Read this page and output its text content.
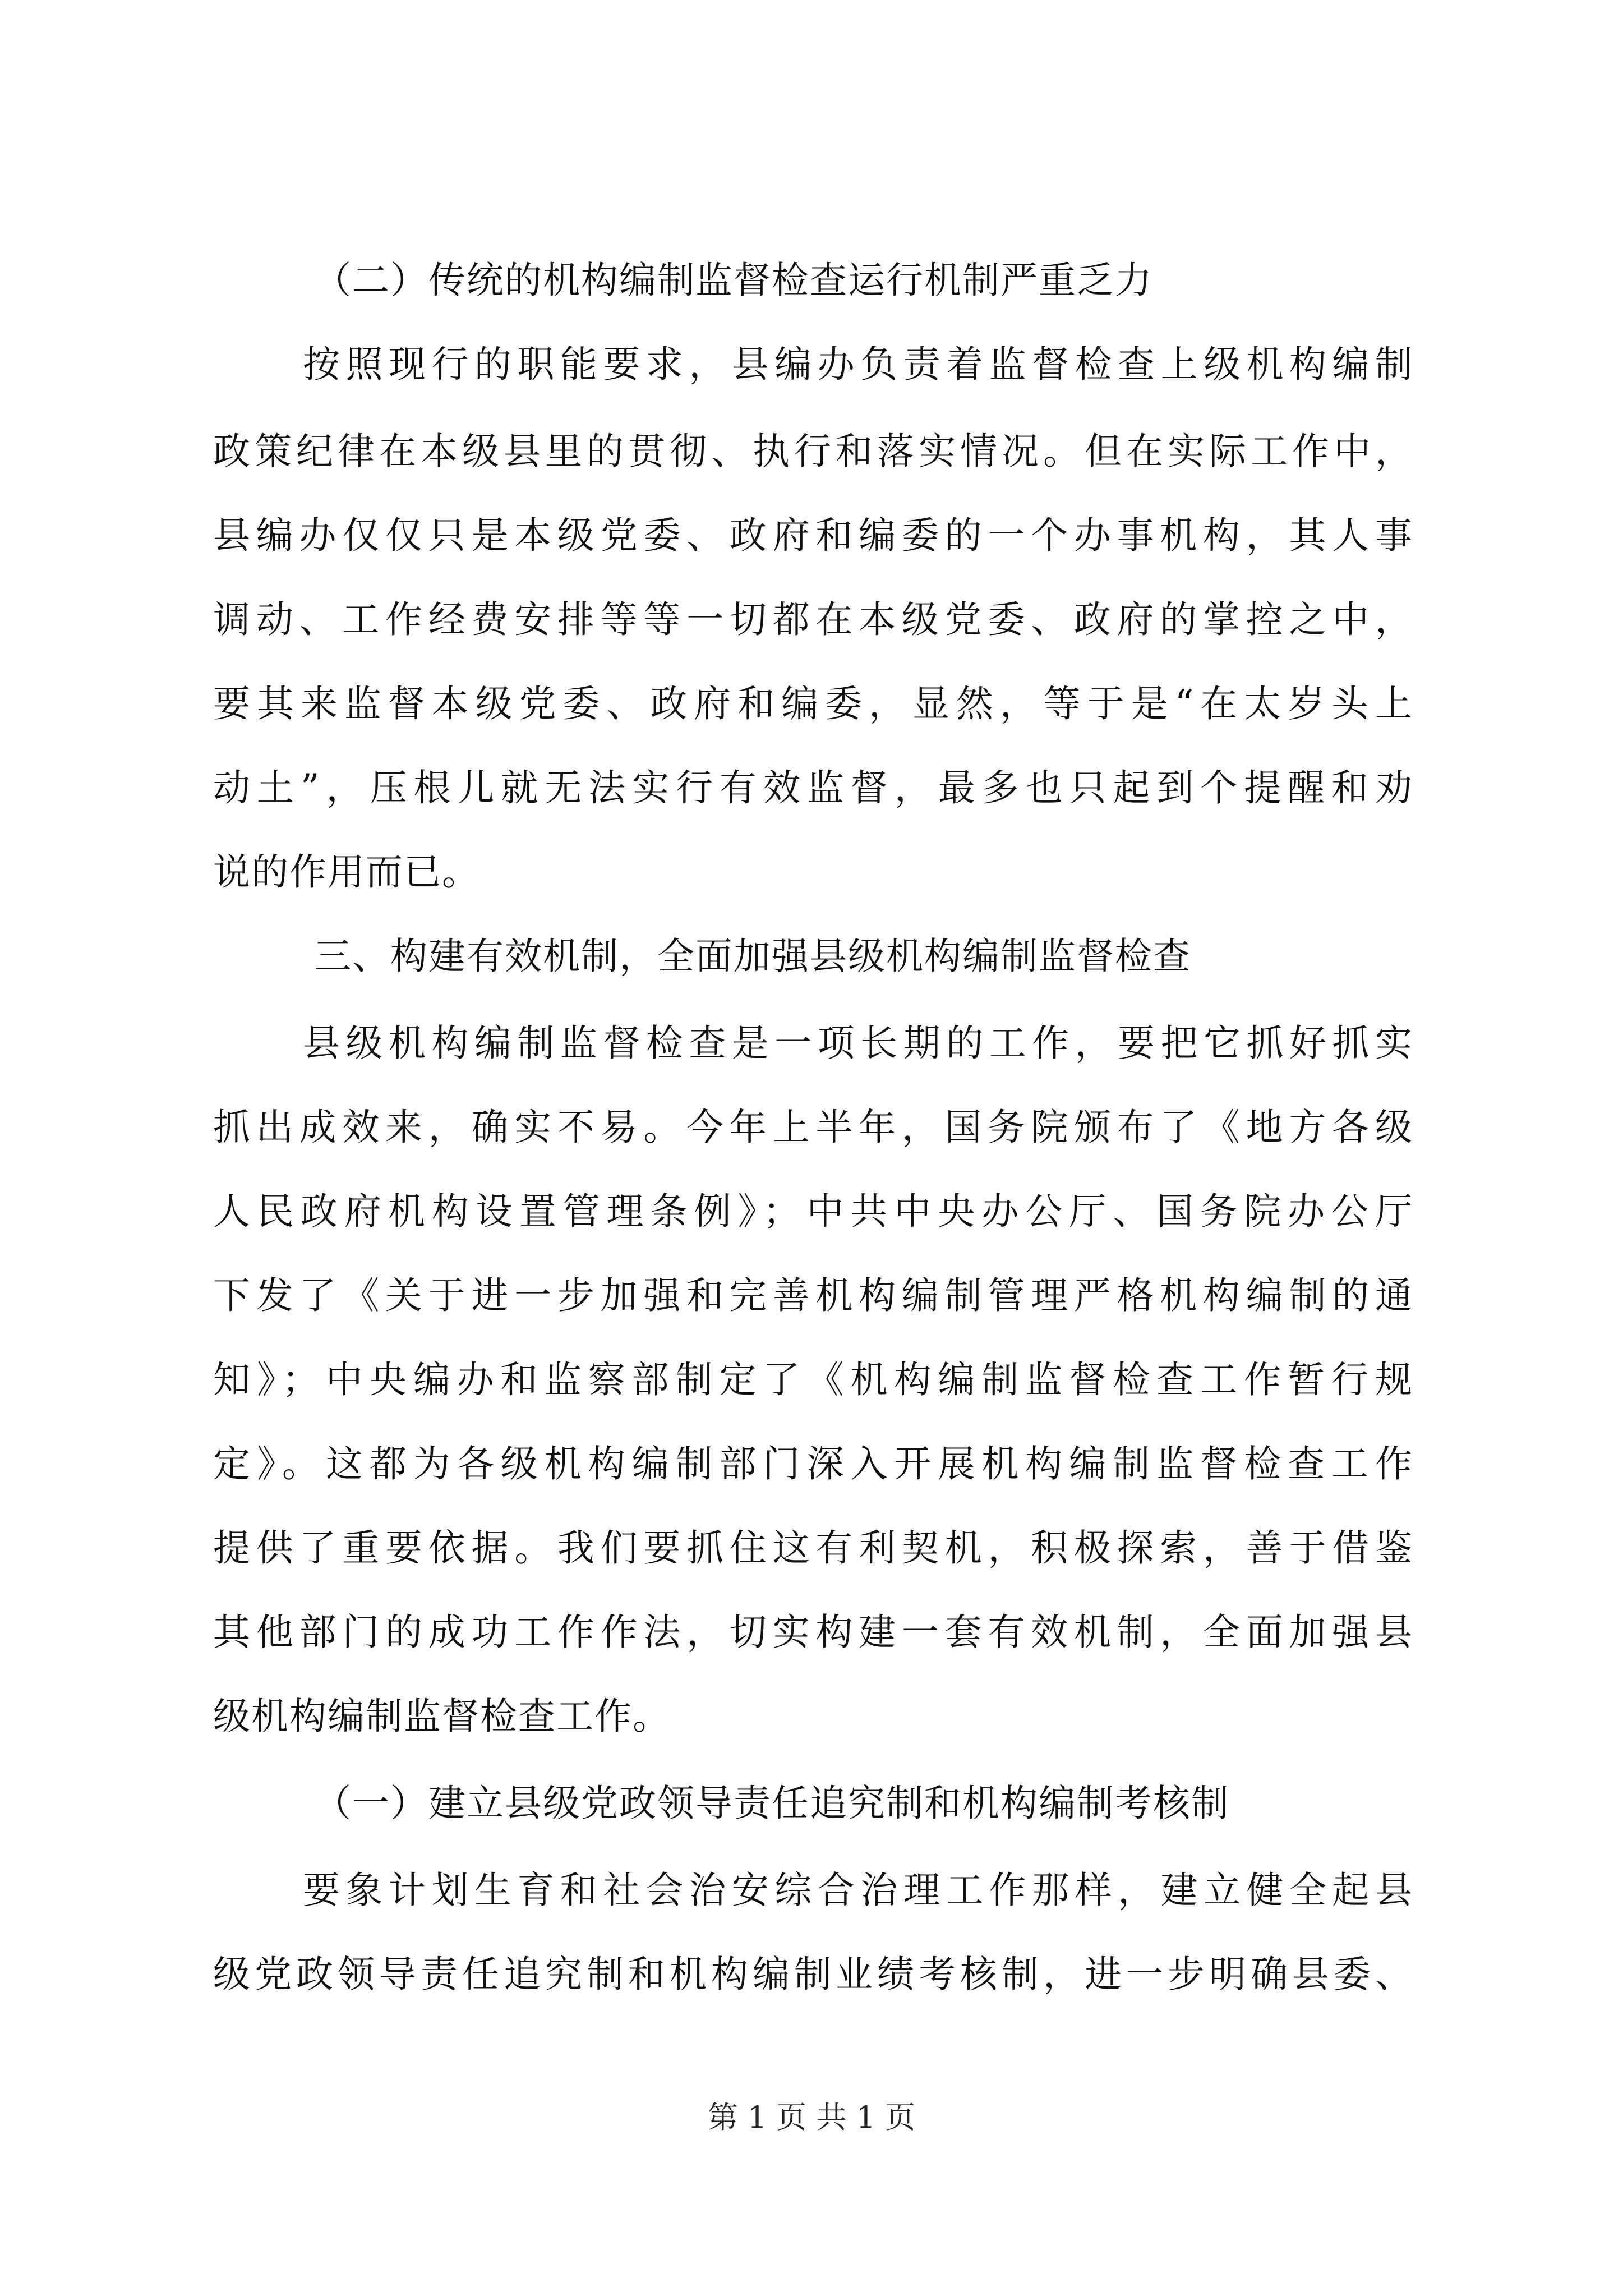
（二）传统的机构编制监督检查运行机制严重乏力
按照现行的职能要求，县编办负责着监督检查上级机构编制
政策纪律在本级县里的贯彻、执行和落实情况。但在实际工作中，
县编办仅仅只是本级党委、政府和编委的一个办事机构，其人事
调动、工作经费安排等等一切都在本级党委、政府的掌控之中，
要其来监督本级党委、政府和编委，显然，等于是“在太岁头上
动土”，压根儿就无法实行有效监督，最多也只起到个提醒和劝
说的作用而已。
三、构建有效机制，全面加强县级机构编制监督检查
县级机构编制监督检查是一项长期的工作，要把它抓好抓实
抓出成效来，确实不易。今年上半年，国务院颁布了《地方各级
人民政府机构设置管理条例》；中共中央办公厅、国务院办公厅
下发了《关于进一步加强和完善机构编制管理严格机构编制的通
知》；中央编办和监察部制定了《机构编制监督检查工作暂行规
定》。这都为各级机构编制部门深入开展机构编制监督检查工作
提供了重要依据。我们要抓住这有利契机，积极探索，善于借鉴
其他部门的成功工作作法，切实构建一套有效机制，全面加强县
级机构编制监督检查工作。
（一）建立县级党政领导责任追究制和机构编制考核制
要象计划生育和社会治安综合治理工作那样，建立健全起县
级党政领导责任追究制和机构编制业绩考核制，进一步明确县委、
第 1 页 共 1 页
